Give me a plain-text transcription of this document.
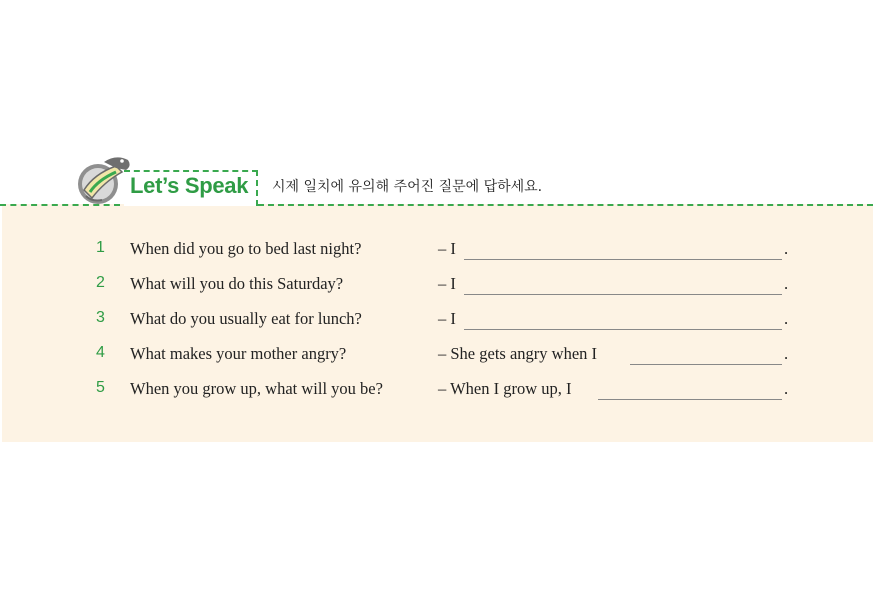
Let’s Speak 시제 일치에 유의해 주어진 질문에 답하세요.
1 When did you go to bed last night?	– I	.
2 What will you do this Saturday?	– I	.
3 What do you usually eat for lunch?	– I	.
4 What makes your mother angry?	– She gets angry when I	.
5 When you grow up, what will you be?	– When I grow up, I	.
